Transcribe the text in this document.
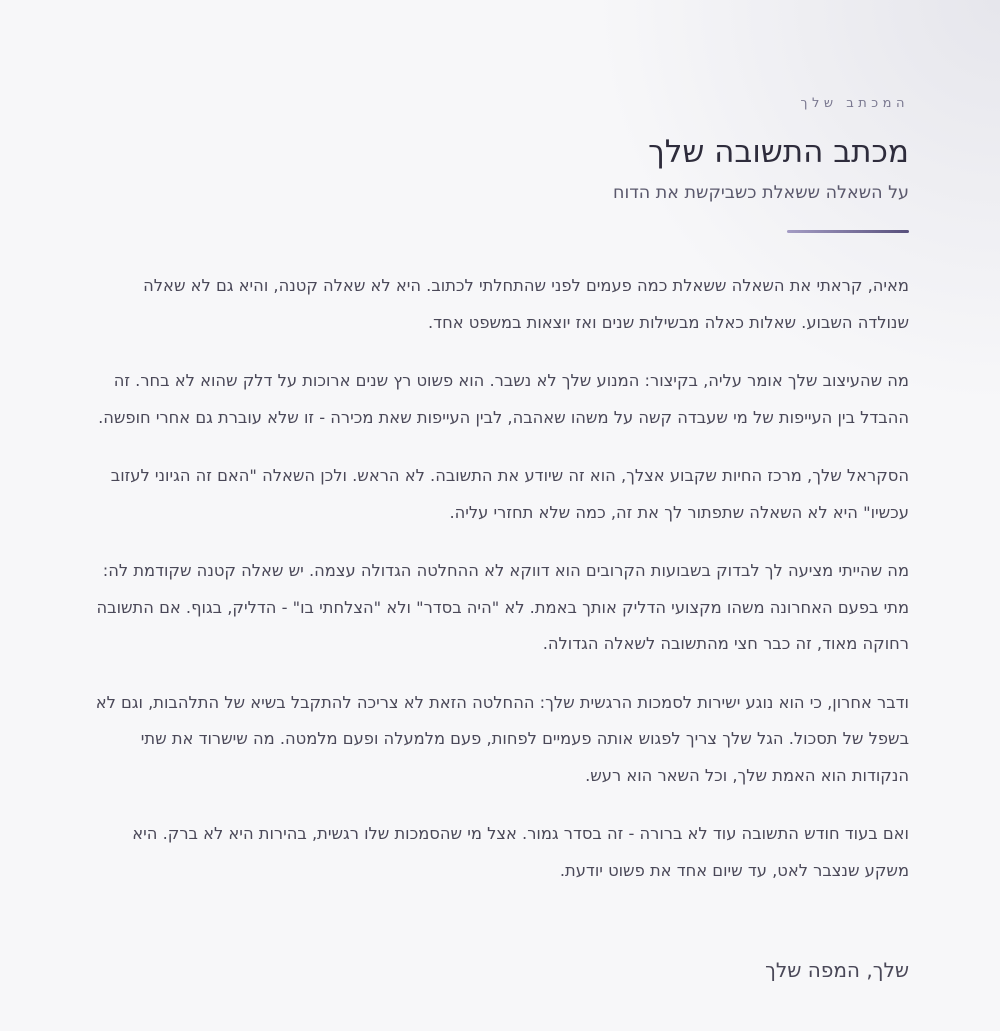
המכתב שלך
מכתב התשובה שלך
על השאלה ששאלת כשביקשת את הדוח

מאיה, קראתי את השאלה ששאלת כמה פעמים לפני שהתחלתי לכתוב. היא לא שאלה קטנה, והיא גם לא שאלה שנולדה השבוע. שאלות כאלה מבשילות שנים ואז יוצאות במשפט אחד.

מה שהעיצוב שלך אומר עליה, בקיצור: המנוע שלך לא נשבר. הוא פשוט רץ שנים ארוכות על דלק שהוא לא בחר. זה ההבדל בין העייפות של מי שעבדה קשה על משהו שאהבה, לבין העייפות שאת מכירה - זו שלא עוברת גם אחרי חופשה.

הסקראל שלך, מרכז החיות שקבוע אצלך, הוא זה שיודע את התשובה. לא הראש. ולכן השאלה "האם זה הגיוני לעזוב עכשיו" היא לא השאלה שתפתור לך את זה, כמה שלא תחזרי עליה.

מה שהייתי מציעה לך לבדוק בשבועות הקרובים הוא דווקא לא ההחלטה הגדולה עצמה. יש שאלה קטנה שקודמת לה: מתי בפעם האחרונה משהו מקצועי הדליק אותך באמת. לא "היה בסדר" ולא "הצלחתי בו" - הדליק, בגוף. אם התשובה רחוקה מאוד, זה כבר חצי מהתשובה לשאלה הגדולה.

ודבר אחרון, כי הוא נוגע ישירות לסמכות הרגשית שלך: ההחלטה הזאת לא צריכה להתקבל בשיא של התלהבות, וגם לא בשפל של תסכול. הגל שלך צריך לפגוש אותה פעמיים לפחות, פעם מלמעלה ופעם מלמטה. מה שישרוד את שתי הנקודות הוא האמת שלך, וכל השאר הוא רעש.

ואם בעוד חודש התשובה עוד לא ברורה - זה בסדר גמור. אצל מי שהסמכות שלו רגשית, בהירות היא לא ברק. היא משקע שנצבר לאט, עד שיום אחד את פשוט יודעת.

שלך, המפה שלך
